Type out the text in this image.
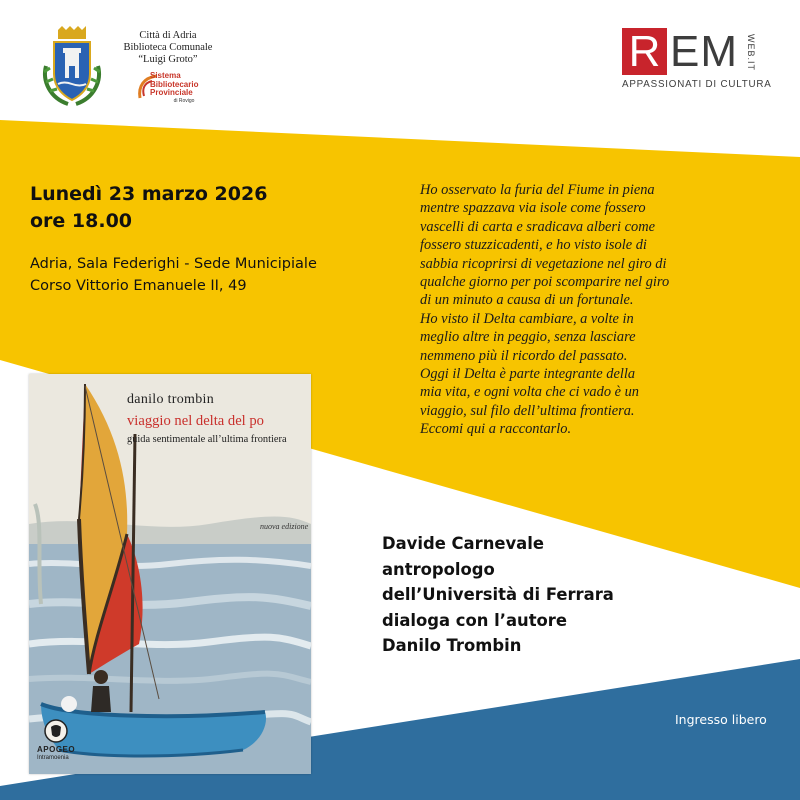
Città di Adria
Biblioteca Comunale
“Luigi Groto”
Sistema
Bibliotecario
Provinciale
di Rovigo
R EM WEB.IT
APPASSIONATI DI CULTURA
Lunedì 23 marzo 2026
ore 18.00
Adria, Sala Federighi - Sede Municipiale
Corso Vittorio Emanuele II, 49

Ho osservato la furia del Fiume in piena

mentre spazzava via isole come fossero

vascelli di carta e sradicava alberi come

fossero stuzzicadenti, e ho visto isole di

sabbia ricoprirsi di vegetazione nel giro di

qualche giorno per poi scomparire nel giro

di un minuto a causa di un fortunale.

Ho visto il Delta cambiare, a volte in

meglio altre in peggio, senza lasciare

nemmeno più il ricordo del passato.

Oggi il Delta è parte integrante della

mia vita, e ogni volta che ci vado è un

viaggio, sul filo dell’ultima frontiera.

Eccomi qui a raccontarlo.

danilo trombin
viaggio nel delta del po
guida sentimentale all’ultima frontiera
nuova edizione
APOGEO
Intramoenia
Davide Carnevale
antropologo
dell’Università di Ferrara
dialoga con l’autore
Danilo Trombin
Ingresso libero
